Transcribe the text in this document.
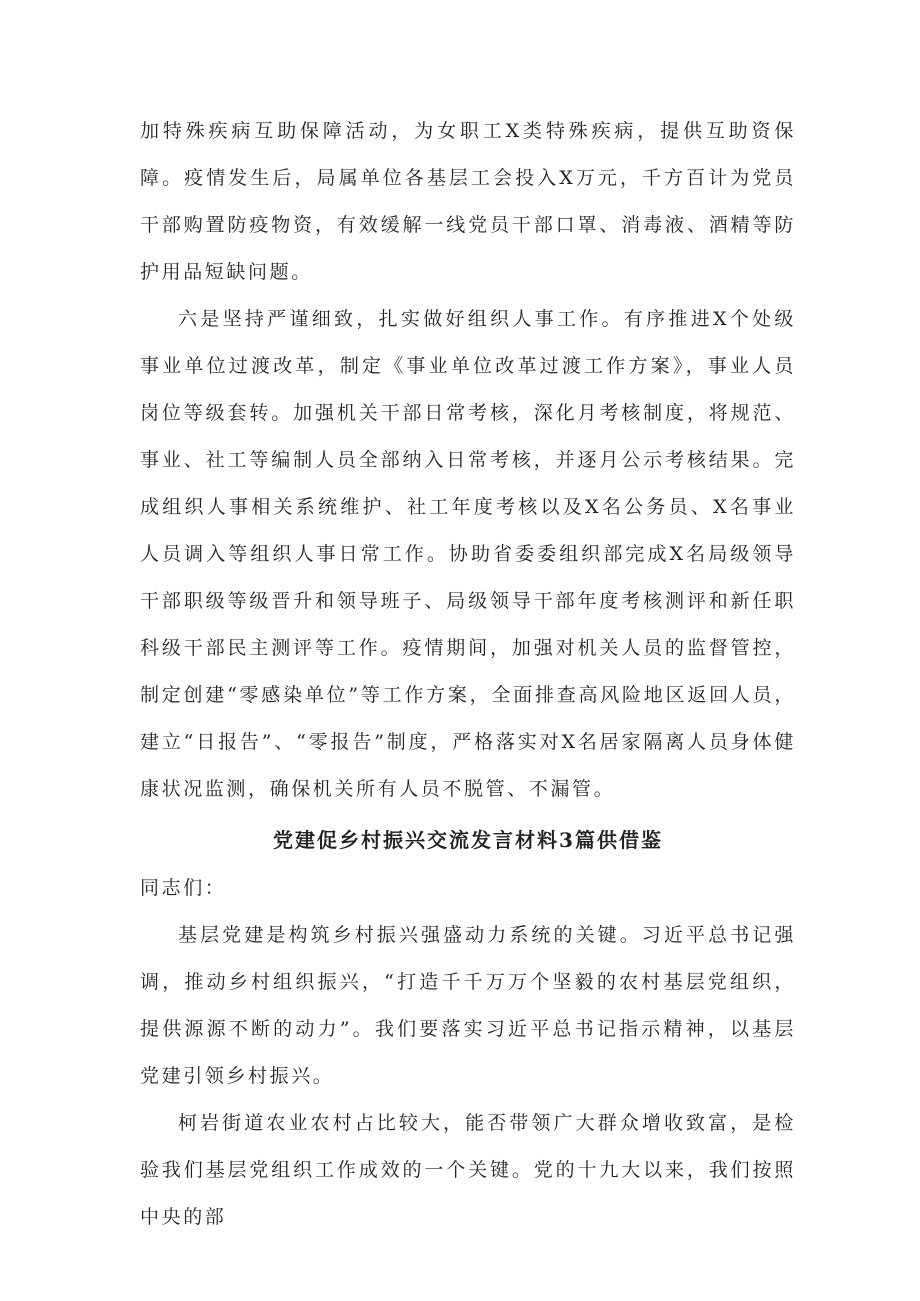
加特殊疾病互助保障活动，为女职工X类特殊疾病，提供互助资保障。疫情发生后，局属单位各基层工会投入X万元，千方百计为党员干部购置防疫物资，有效缓解一线党员干部口罩、消毒液、酒精等防护用品短缺问题。

六是坚持严谨细致，扎实做好组织人事工作。有序推进X个处级事业单位过渡改革，制定《事业单位改革过渡工作方案》，事业人员岗位等级套转。加强机关干部日常考核，深化月考核制度，将规范、事业、社工等编制人员全部纳入日常考核，并逐月公示考核结果。完成组织人事相关系统维护、社工年度考核以及X名公务员、X名事业人员调入等组织人事日常工作。协助省委委组织部完成X名局级领导干部职级等级晋升和领导班子、局级领导干部年度考核测评和新任职科级干部民主测评等工作。疫情期间，加强对机关人员的监督管控，制定创建“零感染单位”等工作方案，全面排查高风险地区返回人员，建立“日报告”、“零报告”制度，严格落实对X名居家隔离人员身体健康状况监测，确保机关所有人员不脱管、不漏管。

党建促乡村振兴交流发言材料3篇供借鉴

同志们：

基层党建是构筑乡村振兴强盛动力系统的关键。习近平总书记强调，推动乡村组织振兴，“打造千千万万个坚毅的农村基层党组织，提供源源不断的动力”。我们要落实习近平总书记指示精神，以基层党建引领乡村振兴。

柯岩街道农业农村占比较大，能否带领广大群众增收致富，是检验我们基层党组织工作成效的一个关键。党的十九大以来，我们按照中央的部
